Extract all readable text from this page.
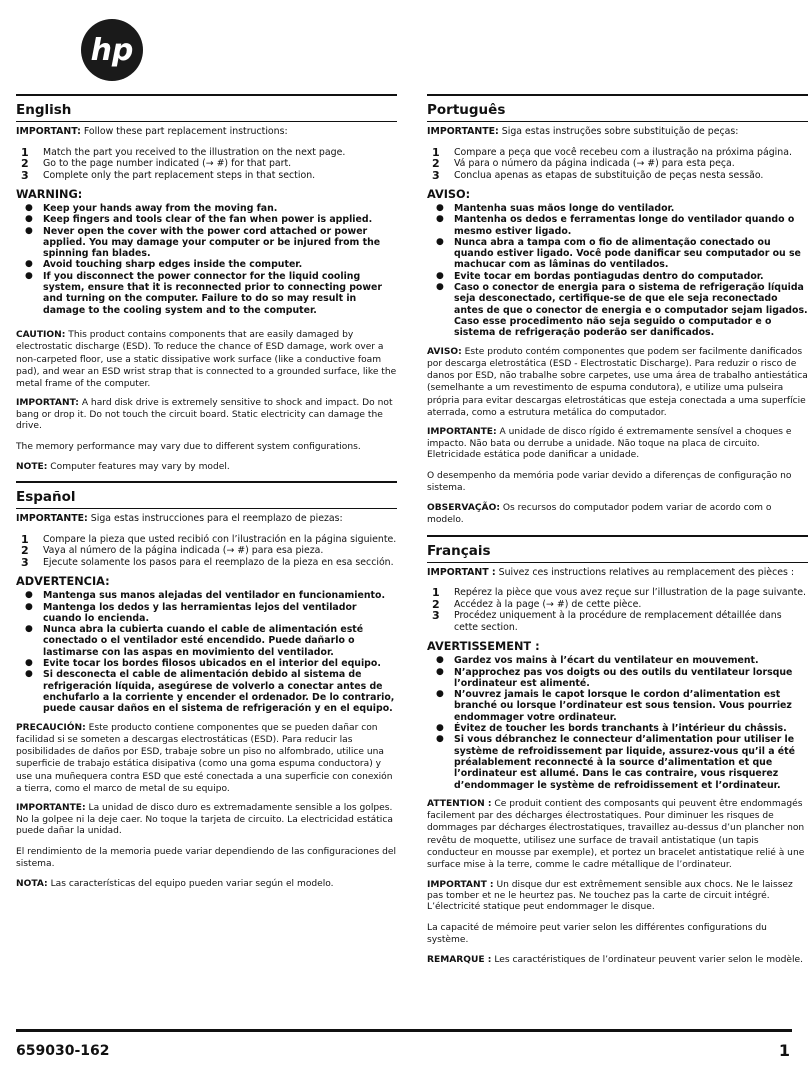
hp
English

IMPORTANT: Follow these part replacement instructions:

1	Match the part you received to the illustration on the next page.
2	Go to the page number indicated (→ #) for that part.
3	Complete only the part replacement steps in that section.
WARNING:
●	Keep your hands away from the moving fan.
●	Keep fingers and tools clear of the fan when power is applied.
●	Never open the cover with the power cord attached or power applied. You may damage your computer or be injured from the spinning fan blades.
●	Avoid touching sharp edges inside the computer.
●	If you disconnect the power connector for the liquid cooling system, ensure that it is reconnected prior to connecting power and turning on the computer. Failure to do so may result in damage to the cooling system and to the computer.

CAUTION: This product contains components that are easily damaged by electrostatic discharge (ESD). To reduce the chance of ESD damage, work over a non-carpeted floor, use a static dissipative work surface (like a conductive foam pad), and wear an ESD wrist strap that is connected to a grounded surface, like the metal frame of the computer.

IMPORTANT: A hard disk drive is extremely sensitive to shock and impact. Do not bang or drop it. Do not touch the circuit board. Static electricity can damage the drive.

The memory performance may vary due to different system configurations.

NOTE: Computer features may vary by model.

Español

IMPORTANTE: Siga estas instrucciones para el reemplazo de piezas:

1	Compare la pieza que usted recibió con l’ilustración en la página siguiente.
2	Vaya al número de la página indicada (→ #) para esa pieza.
3	Ejecute solamente los pasos para el reemplazo de la pieza en esa sección.
ADVERTENCIA:
●	Mantenga sus manos alejadas del ventilador en funcionamiento.
●	Mantenga los dedos y las herramientas lejos del ventilador cuando lo encienda.
●	Nunca abra la cubierta cuando el cable de alimentación esté conectado o el ventilador esté encendido. Puede dañarlo o lastimarse con las aspas en movimiento del ventilador.
●	Evite tocar los bordes filosos ubicados en el interior del equipo.
●	Si desconecta el cable de alimentación debido al sistema de refrigeración líquida, asegúrese de volverlo a conectar antes de enchufarlo a la corriente y encender el ordenador. De lo contrario, puede causar daños en el sistema de refrigeración y en el equipo.

PRECAUCIÓN: Este producto contiene componentes que se pueden dañar con facilidad si se someten a descargas electrostáticas (ESD). Para reducir las posibilidades de daños por ESD, trabaje sobre un piso no alfombrado, utilice una superficie de trabajo estática disipativa (como una goma espuma conductora) y use una muñequera contra ESD que esté conectada a una superficie con conexión a tierra, como el marco de metal de su equipo.

IMPORTANTE: La unidad de disco duro es extremadamente sensible a los golpes. No la golpee ni la deje caer. No toque la tarjeta de circuito. La electricidad estática puede dañar la unidad.

El rendimiento de la memoria puede variar dependiendo de las configuraciones del sistema.

NOTA: Las características del equipo pueden variar según el modelo.

Português

IMPORTANTE: Siga estas instruções sobre substituição de peças:

1	Compare a peça que você recebeu com a ilustração na próxima página.
2	Vá para o número da página indicada (→ #) para esta peça.
3	Conclua apenas as etapas de substituição de peças nesta sessão.
AVISO:
●	Mantenha suas mãos longe do ventilador.
●	Mantenha os dedos e ferramentas longe do ventilador quando o mesmo estiver ligado.
●	Nunca abra a tampa com o fio de alimentação conectado ou quando estiver ligado. Você pode danificar seu computador ou se machucar com as lâminas do ventilados.
●	Evite tocar em bordas pontiagudas dentro do computador.
●	Caso o conector de energia para o sistema de refrigeração líquida seja desconectado, certifique-se de que ele seja reconectado antes de que o conector de energia e o computador sejam ligados. Caso esse procedimento não seja seguido o computador e o sistema de refrigeração poderão ser danificados.

AVISO: Este produto contém componentes que podem ser facilmente danificados por descarga eletrostática (ESD - Electrostatic Discharge). Para reduzir o risco de danos por ESD, não trabalhe sobre carpetes, use uma área de trabalho antiestática (semelhante a um revestimento de espuma condutora), e utilize uma pulseira própria para evitar descargas eletrostáticas que esteja conectada a uma superfície aterrada, como a estrutura metálica do computador.

IMPORTANTE: A unidade de disco rígido é extremamente sensível a choques e impacto. Não bata ou derrube a unidade. Não toque na placa de circuito. Eletricidade estática pode danificar a unidade.

O desempenho da memória pode variar devido a diferenças de configuração no sistema.

OBSERVAÇÃO: Os recursos do computador podem variar de acordo com o modelo.

Français

IMPORTANT : Suivez ces instructions relatives au remplacement des pièces :

1	Repérez la pièce que vous avez reçue sur l’illustration de la page suivante.
2	Accédez à la page (→ #) de cette pièce.
3	Procédez uniquement à la procédure de remplacement détaillée dans cette section.
AVERTISSEMENT :
●	Gardez vos mains à l’écart du ventilateur en mouvement.
●	N’approchez pas vos doigts ou des outils du ventilateur lorsque l’ordinateur est alimenté.
●	N’ouvrez jamais le capot lorsque le cordon d’alimentation est branché ou lorsque l’ordinateur est sous tension. Vous pourriez endommager votre ordinateur.
●	Évitez de toucher les bords tranchants à l’intérieur du châssis.
●	Si vous débranchez le connecteur d’alimentation pour utiliser le système de refroidissement par liquide, assurez-vous qu’il a été préalablement reconnecté à la source d’alimentation et que l’ordinateur est allumé. Dans le cas contraire, vous risquerez d’endommager le système de refroidissement et l’ordinateur.

ATTENTION : Ce produit contient des composants qui peuvent être endommagés facilement par des décharges électrostatiques. Pour diminuer les risques de dommages par décharges électrostatiques, travaillez au-dessus d’un plancher non revêtu de moquette, utilisez une surface de travail antistatique (un tapis conducteur en mousse par exemple), et portez un bracelet antistatique relié à une surface mise à la terre, comme le cadre métallique de l’ordinateur.

IMPORTANT : Un disque dur est extrêmement sensible aux chocs. Ne le laissez pas tomber et ne le heurtez pas. Ne touchez pas la carte de circuit intégré. L’électricité statique peut endommager le disque.

La capacité de mémoire peut varier selon les différentes configurations du système.

REMARQUE : Les caractéristiques de l’ordinateur peuvent varier selon le modèle.

659030-162	1
